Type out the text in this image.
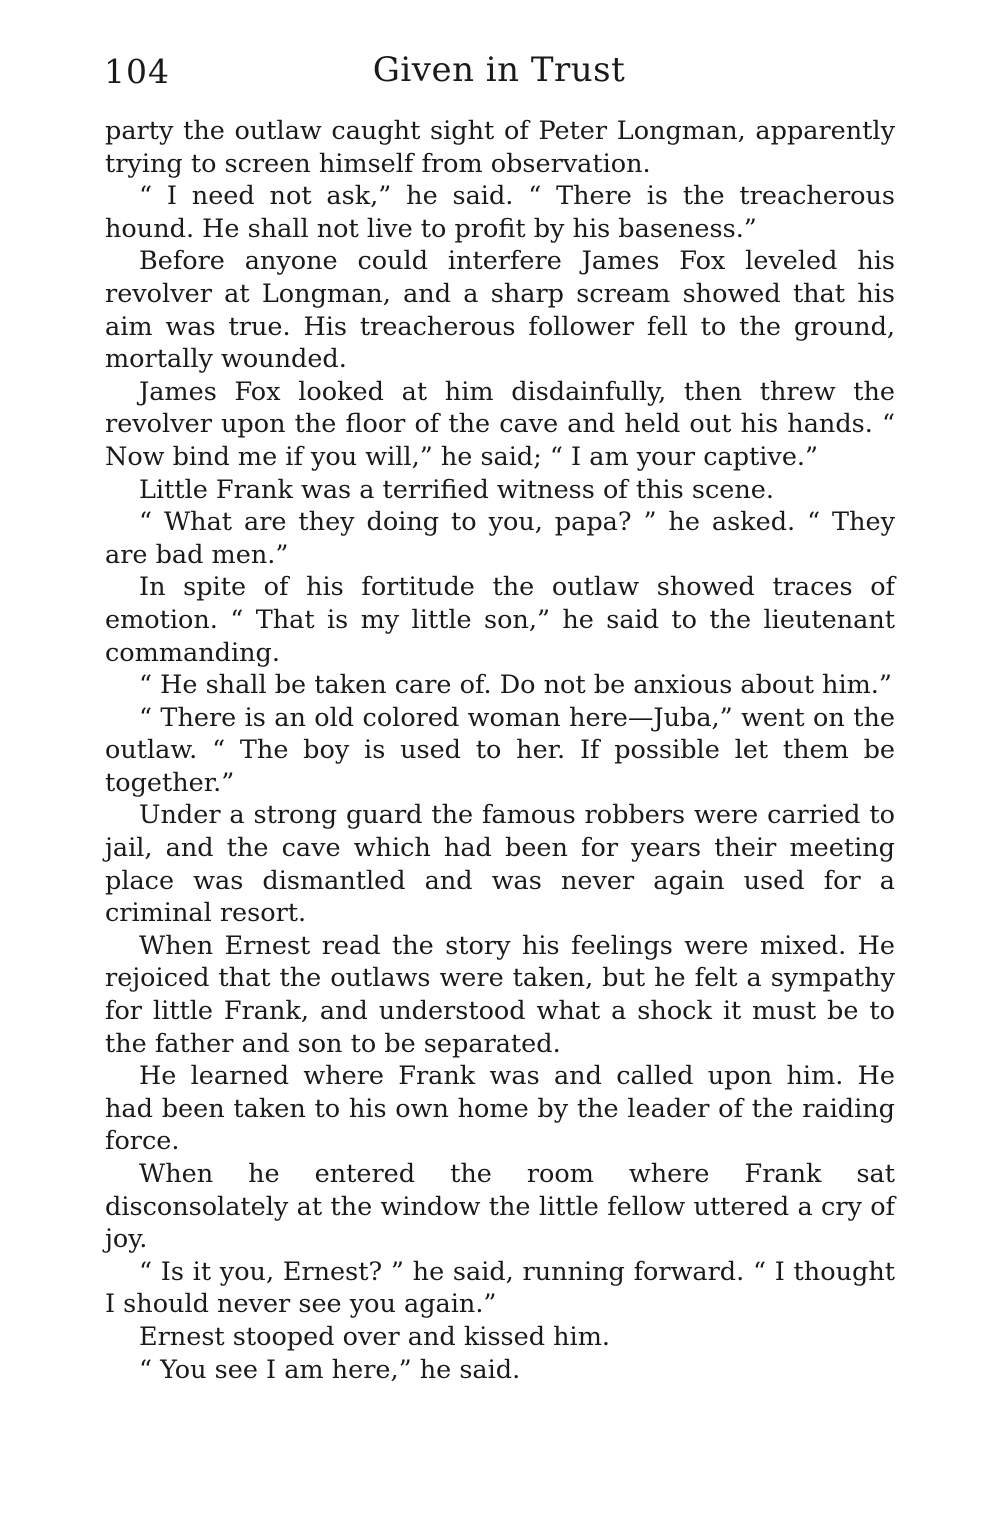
104	Given in Trust

party the outlaw caught sight of Peter Longman, apparently trying to screen himself from observation.

“ I need not ask,” he said. “ There is the treacherous hound. He shall not live to profit by his baseness.”

Before anyone could interfere James Fox leveled his revolver at Longman, and a sharp scream showed that his aim was true. His treacherous follower fell to the ground, mortally wounded.

James Fox looked at him disdainfully, then threw the revolver upon the floor of the cave and held out his hands. “ Now bind me if you will,” he said; “ I am your captive.”

Little Frank was a terrified witness of this scene.

“ What are they doing to you, papa? ” he asked. “ They are bad men.”

In spite of his fortitude the outlaw showed traces of emotion. “ That is my little son,” he said to the lieutenant commanding.

“ He shall be taken care of. Do not be anxious about him.”

“ There is an old colored woman here—Juba,” went on the outlaw. “ The boy is used to her. If possible let them be together.”

Under a strong guard the famous robbers were carried to jail, and the cave which had been for years their meeting place was dismantled and was never again used for a criminal resort.

When Ernest read the story his feelings were mixed. He rejoiced that the outlaws were taken, but he felt a sympathy for little Frank, and understood what a shock it must be to the father and son to be separated.

He learned where Frank was and called upon him. He had been taken to his own home by the leader of the raiding force.

When he entered the room where Frank sat disconsolately at the window the little fellow uttered a cry of joy.

“ Is it you, Ernest? ” he said, running forward. “ I thought I should never see you again.”

Ernest stooped over and kissed him.

“ You see I am here,” he said.
